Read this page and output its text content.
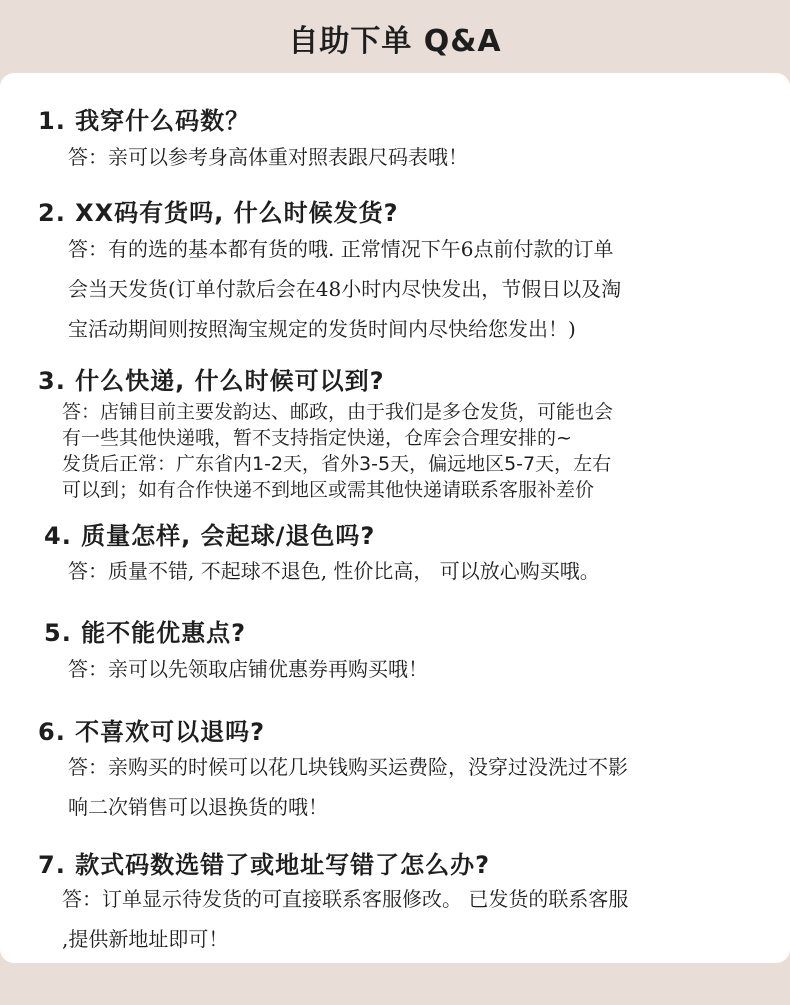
自助下单 Q&A
1. 我穿什么码数？
答：亲可以参考身高体重对照表跟尺码表哦！
2. XX码有货吗, 什么时候发货?
答：有的选的基本都有货的哦. 正常情况下午6点前付款的订单
会当天发货(订单付款后会在48小时内尽快发出，节假日以及淘
宝活动期间则按照淘宝规定的发货时间内尽快给您发出！)
3. 什么快递, 什么时候可以到?
答：店铺目前主要发韵达、邮政，由于我们是多仓发货，可能也会
有一些其他快递哦，暂不支持指定快递，仓库会合理安排的~
发货后正常：广东省内1-2天，省外3-5天，偏远地区5-7天，左右
可以到；如有合作快递不到地区或需其他快递请联系客服补差价
4. 质量怎样, 会起球/退色吗?
答：质量不错, 不起球不退色, 性价比高， 可以放心购买哦。
5. 能不能优惠点?
答：亲可以先领取店铺优惠券再购买哦！
6. 不喜欢可以退吗?
答：亲购买的时候可以花几块钱购买运费险，没穿过没洗过不影
响二次销售可以退换货的哦！
7. 款式码数选错了或地址写错了怎么办?
答：订单显示待发货的可直接联系客服修改。 已发货的联系客服
,提供新地址即可！
